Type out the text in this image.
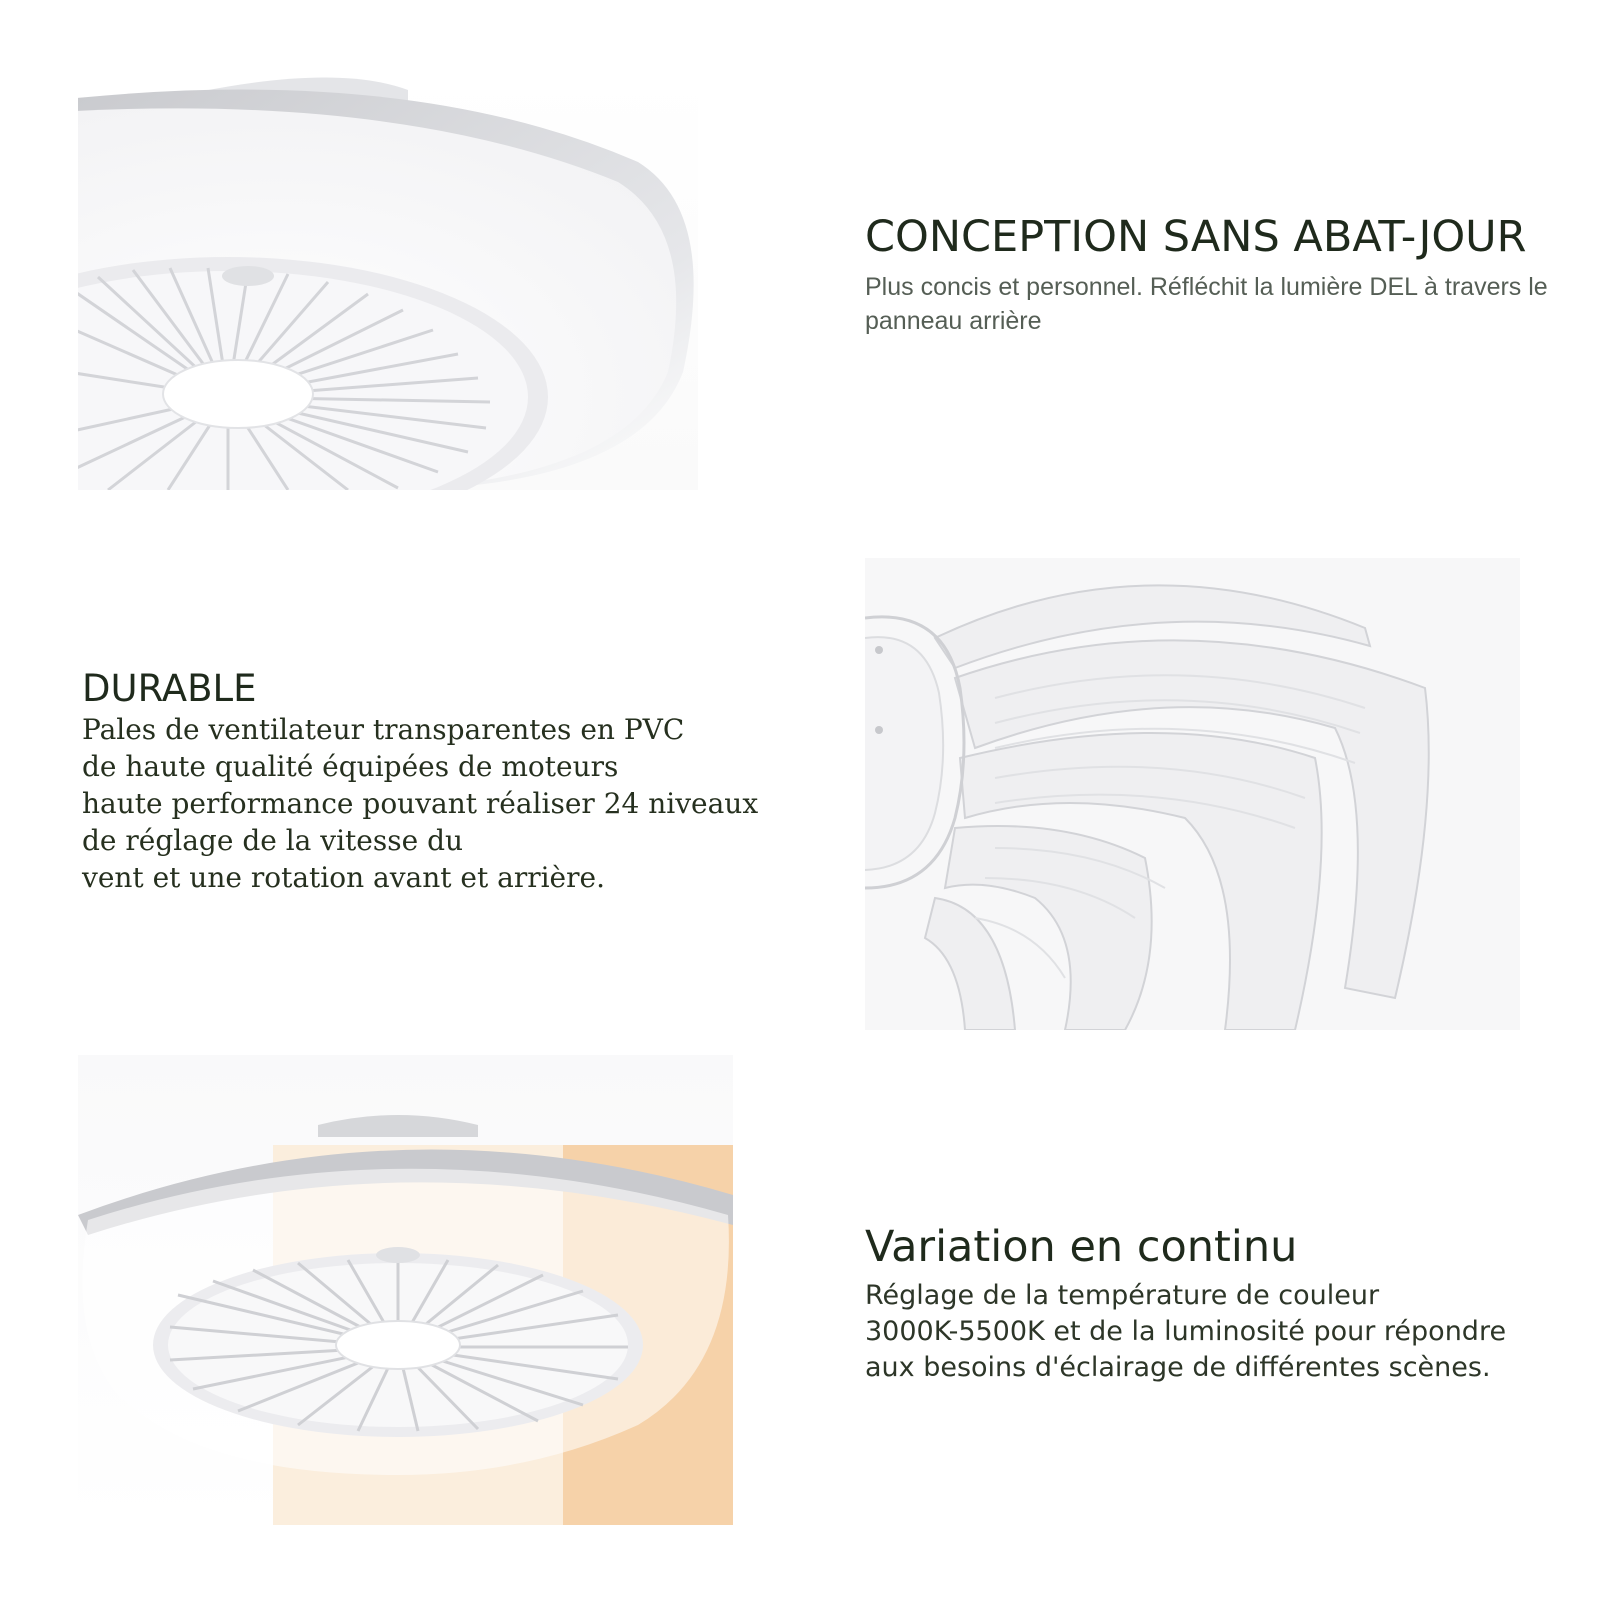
CONCEPTION SANS ABAT-JOUR

Plus concis et personnel. Réfléchit la lumière DEL à travers le
panneau arrière

DURABLE

Pales de ventilateur transparentes en PVC
de haute qualité équipées de moteurs
haute performance pouvant réaliser 24 niveaux
de réglage de la vitesse du
vent et une rotation avant et arrière.

Variation en continu

Réglage de la température de couleur
3000K-5500K et de la luminosité pour répondre
aux besoins d'éclairage de différentes scènes.
